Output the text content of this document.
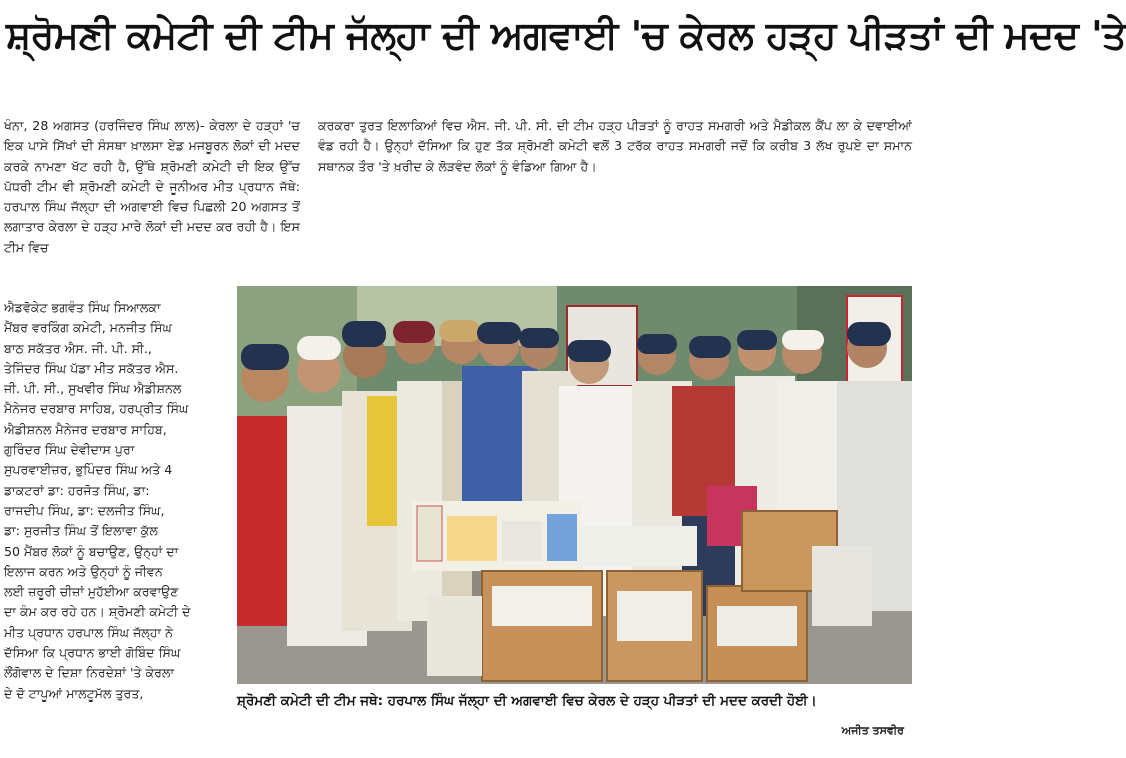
ਸ਼੍ਰੋਮਣੀ ਕਮੇਟੀ ਦੀ ਟੀਮ ਜੱਲ੍ਹਾ ਦੀ ਅਗਵਾਈ 'ਚ ਕੇਰਲ ਹੜ੍ਹ ਪੀੜਤਾਂ ਦੀ ਮਦਦ 'ਤੇ

ਖੰਨਾ, 28 ਅਗਸਤ (ਹਰਜਿੰਦਰ ਸਿੰਘ ਲਾਲ)- ਕੇਰਲਾ ਦੇ ਹੜ੍ਹਾਂ 'ਚ ਇਕ ਪਾਸੇ ਸਿੱਖਾਂ ਦੀ ਸੰਸਥਾ ਖ਼ਾਲਸਾ ਏਡ ਮਜਬੂਰਨ ਲੋਕਾਂ ਦੀ ਮਦਦ ਕਰਕੇ ਨਾਮਣਾ ਖੱਟ ਰਹੀ ਹੈ, ਉੱਥੇ ਸ਼੍ਰੋਮਣੀ ਕਮੇਟੀ ਦੀ ਇਕ ਉੱਚ ਪੱਧਰੀ ਟੀਮ ਵੀ ਸ਼੍ਰੋਮਣੀ ਕਮੇਟੀ ਦੇ ਜੂਨੀਅਰ ਮੀਤ ਪ੍ਰਧਾਨ ਜੱਥੇ: ਹਰਪਾਲ ਸਿੰਘ ਜੱਲ੍ਹਾ ਦੀ ਅਗਵਾਈ ਵਿਚ ਪਿਛਲੀ 20 ਅਗਸਤ ਤੋਂ ਲਗਾਤਾਰ ਕੇਰਲਾ ਦੇ ਹੜ੍ਹ ਮਾਰੇ ਲੋਕਾਂ ਦੀ ਮਦਦ ਕਰ ਰਹੀ ਹੈ। ਇਸ ਟੀਮ ਵਿਚ

ਐਡਵੋਕੇਟ ਭਗਵੰਤ ਸਿੰਘ ਸਿਆਲਕਾ
ਮੈਂਬਰ ਵਰਕਿੰਗ ਕਮੇਟੀ, ਮਨਜੀਤ ਸਿੰਘ
ਬਾਠ ਸਕੱਤਰ ਐਸ. ਜੀ. ਪੀ. ਸੀ.,
ਤੇਜਿੰਦਰ ਸਿੰਘ ਪੱਡਾ ਮੀਤ ਸਕੱਤਰ ਐਸ.
ਜੀ. ਪੀ. ਸੀ., ਸੁਖਵੀਰ ਸਿੰਘ ਐਡੀਸ਼ਨਲ
ਮੈਨੇਜਰ ਦਰਬਾਰ ਸਾਹਿਬ, ਹਰਪ੍ਰੀਤ ਸਿੰਘ
ਐਡੀਸ਼ਨਲ ਮੈਨੇਜਰ ਦਰਬਾਰ ਸਾਹਿਬ,
ਗੁਰਿੰਦਰ ਸਿੰਘ ਦੇਵੀਦਾਸ ਪੁਰਾ
ਸੁਪਰਵਾਈਜ਼ਰ, ਭੁਪਿੰਦਰ ਸਿੰਘ ਅਤੇ 4
ਡਾਕਟਰਾਂ ਡਾ: ਹਰਜੋਤ ਸਿੰਘ, ਡਾ:
ਰਾਜਦੀਪ ਸਿੰਘ, ਡਾ: ਦਲਜੀਤ ਸਿੰਘ,
ਡਾ: ਸੁਰਜੀਤ ਸਿੰਘ ਤੋਂ ਇਲਾਵਾ ਕੁੱਲ
50 ਮੈਂਬਰ ਲੋਕਾਂ ਨੂੰ ਬਚਾਉਣ, ਉਨ੍ਹਾਂ ਦਾ
ਇਲਾਜ ਕਰਨ ਅਤੇ ਉਨ੍ਹਾਂ ਨੂੰ ਜੀਵਨ
ਲਈ ਜ਼ਰੂਰੀ ਚੀਜ਼ਾਂ ਮੁਹੱਈਆ ਕਰਵਾਉਣ
ਦਾ ਕੰਮ ਕਰ ਰਹੇ ਹਨ। ਸ਼੍ਰੋਮਣੀ ਕਮੇਟੀ ਦੇ
ਮੀਤ ਪ੍ਰਧਾਨ ਹਰਪਾਲ ਸਿੰਘ ਜੱਲ੍ਹਾ ਨੇ
ਦੱਸਿਆ ਕਿ ਪ੍ਰਧਾਨ ਭਾਈ ਗੋਬਿੰਦ ਸਿੰਘ
ਲੌਂਗੋਵਾਲ ਦੇ ਦਿਸ਼ਾ ਨਿਰਦੇਸ਼ਾਂ 'ਤੇ ਕੇਰਲਾ
ਦੇ ਦੋ ਟਾਪੂਆਂ ਮਾਲਟੂਮੱਲ ਤੁਰਤ,

ਕਰਕਰਾ ਤੁਰਤ ਇਲਾਕਿਆਂ ਵਿਚ ਐਸ. ਜੀ. ਪੀ. ਸੀ. ਦੀ ਟੀਮ ਹੜ੍ਹ ਪੀੜਤਾਂ ਨੂੰ ਰਾਹਤ ਸਮਗਰੀ ਅਤੇ ਮੈਡੀਕਲ ਕੈਂਪ ਲਾ ਕੇ ਦਵਾਈਆਂ ਵੰਡ ਰਹੀ ਹੈ। ਉਨ੍ਹਾਂ ਦੱਸਿਆ ਕਿ ਹੁਣ ਤੱਕ ਸ਼੍ਰੋਮਣੀ ਕਮੇਟੀ ਵਲੋਂ 3 ਟਰੱਕ ਰਾਹਤ ਸਮਗਰੀ ਜਦੋਂ ਕਿ ਕਰੀਬ 3 ਲੱਖ ਰੁਪਏ ਦਾ ਸਮਾਨ ਸਥਾਨਕ ਤੌਰ 'ਤੇ ਖ਼ਰੀਦ ਕੇ ਲੋੜਵੰਦ ਲੋਕਾਂ ਨੂੰ ਵੰਡਿਆ ਗਿਆ ਹੈ।

ਸ਼੍ਰੋਮਣੀ ਕਮੇਟੀ ਦੀ ਟੀਮ ਜਥੇ: ਹਰਪਾਲ ਸਿੰਘ ਜੱਲ੍ਹਾ ਦੀ ਅਗਵਾਈ ਵਿਚ ਕੇਰਲ ਦੇ ਹੜ੍ਹ ਪੀੜਤਾਂ ਦੀ ਮਦਦ ਕਰਦੀ ਹੋਈ।
ਅਜੀਤ ਤਸਵੀਰ
